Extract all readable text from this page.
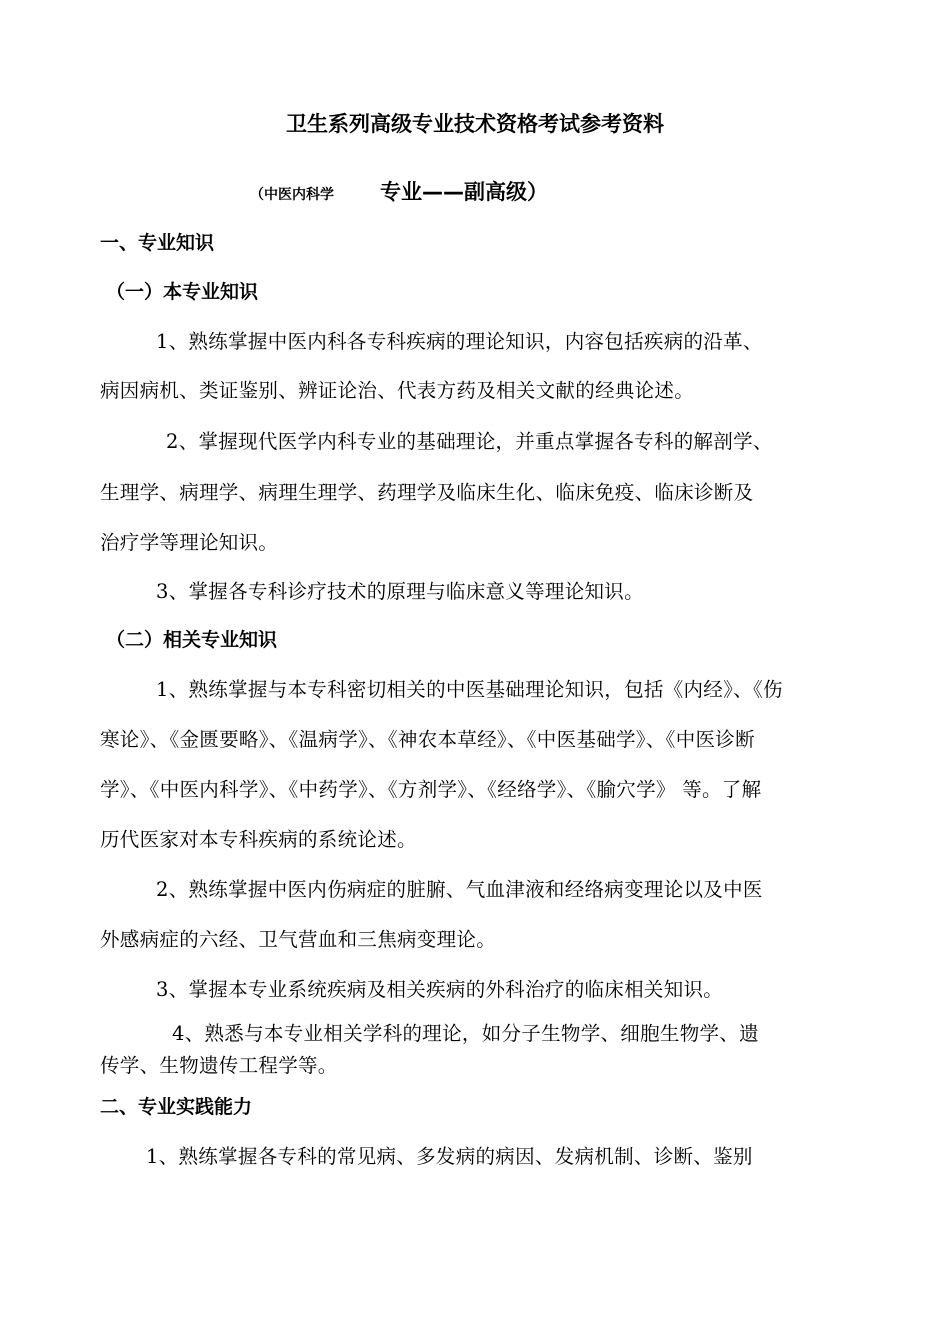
卫生系列高级专业技术资格考试参考资料
（中医内科学 专业——副高级）
一、专业知识
（一）本专业知识
1、熟练掌握中医内科各专科疾病的理论知识，内容包括疾病的沿革、
病因病机、类证鉴别、辨证论治、代表方药及相关文献的经典论述。
2、掌握现代医学内科专业的基础理论，并重点掌握各专科的解剖学、
生理学、病理学、病理生理学、药理学及临床生化、临床免疫、临床诊断及
治疗学等理论知识。
3、掌握各专科诊疗技术的原理与临床意义等理论知识。
（二）相关专业知识
1、熟练掌握与本专科密切相关的中医基础理论知识，包括《内经》、《伤
寒论》、《金匮要略》、《温病学》、《神农本草经》、《中医基础学》、《中医诊断
学》、《中医内科学》、《中药学》、《方剂学》、《经络学》、《腧穴学》 等。了解
历代医家对本专科疾病的系统论述。
2、熟练掌握中医内伤病症的脏腑、气血津液和经络病变理论以及中医
外感病症的六经、卫气营血和三焦病变理论。
3、掌握本专业系统疾病及相关疾病的外科治疗的临床相关知识。
4、熟悉与本专业相关学科的理论，如分子生物学、细胞生物学、遗
传学、生物遗传工程学等。
二、专业实践能力
1、熟练掌握各专科的常见病、多发病的病因、发病机制、诊断、鉴别
